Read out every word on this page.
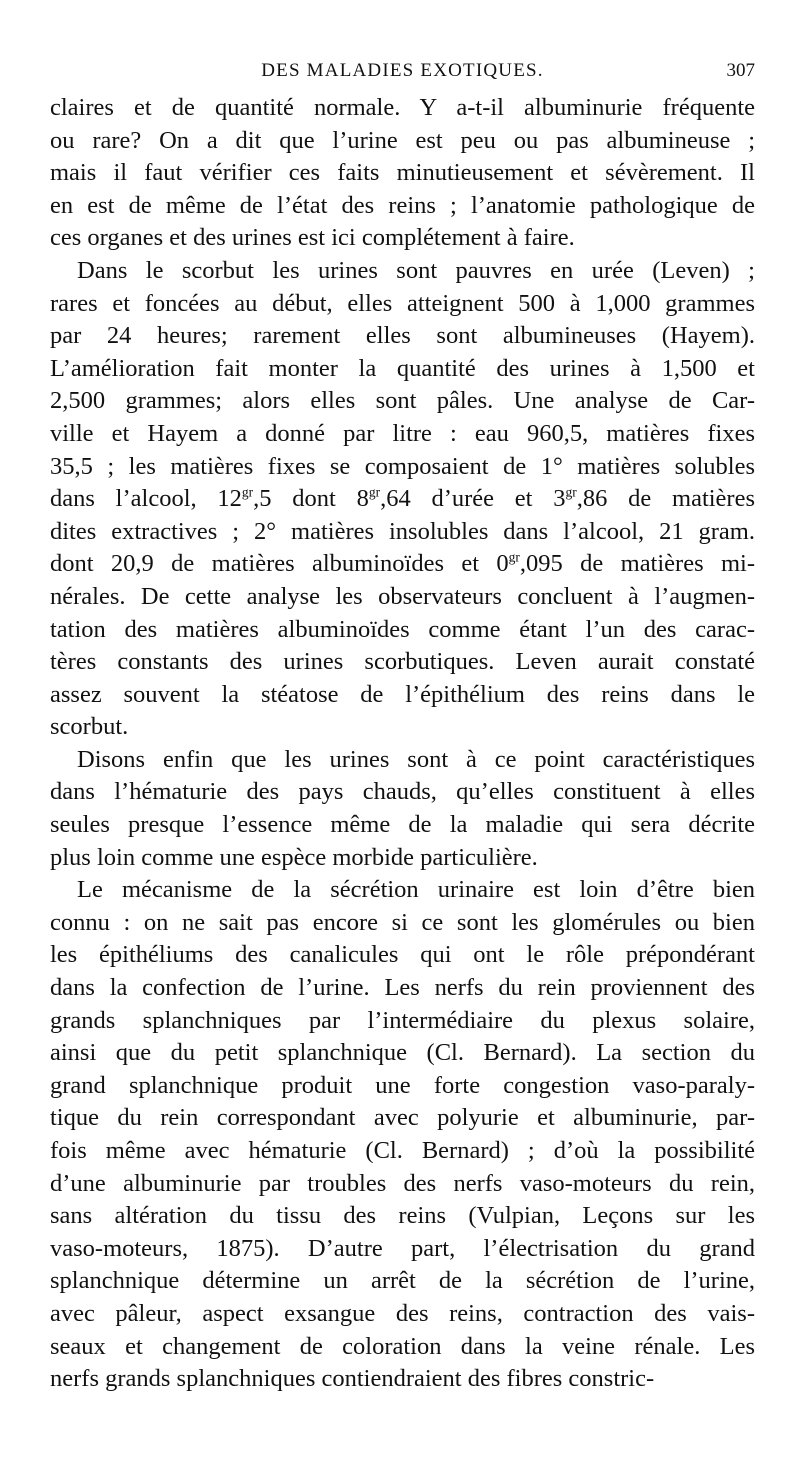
DES MALADIES EXOTIQUES.	307
claires et de quantité normale. Y a-t-il albuminurie fréquente
ou rare? On a dit que l’urine est peu ou pas albumineuse ;
mais il faut vérifier ces faits minutieusement et sévèrement. Il
en est de même de l’état des reins ; l’anatomie pathologique de
ces organes et des urines est ici complétement à faire.
Dans le scorbut les urines sont pauvres en urée (Leven) ;
rares et foncées au début, elles atteignent 500 à 1,000 grammes
par 24 heures; rarement elles sont albumineuses (Hayem).
L’amélioration fait monter la quantité des urines à 1,500 et
2,500 grammes; alors elles sont pâles. Une analyse de Car-
ville et Hayem a donné par litre : eau 960,5, matières fixes
35,5 ; les matières fixes se composaient de 1° matières solubles
dans l’alcool, $12^{gr},5$ dont $8^{gr},64$ d’urée et $3^{gr},86$ de matières
dites extractives ; 2° matières insolubles dans l’alcool, 21 gram.
dont 20,9 de matières albuminoïdes et $0^{gr},095$ de matières mi-
nérales. De cette analyse les observateurs concluent à l’augmen-
tation des matières albuminoïdes comme étant l’un des carac-
tères constants des urines scorbutiques. Leven aurait constaté
assez souvent la stéatose de l’épithélium des reins dans le
scorbut.
Disons enfin que les urines sont à ce point caractéristiques
dans l’hématurie des pays chauds, qu’elles constituent à elles
seules presque l’essence même de la maladie qui sera décrite
plus loin comme une espèce morbide particulière.
Le mécanisme de la sécrétion urinaire est loin d’être bien
connu : on ne sait pas encore si ce sont les glomérules ou bien
les épithéliums des canalicules qui ont le rôle prépondérant
dans la confection de l’urine. Les nerfs du rein proviennent des
grands splanchniques par l’intermédiaire du plexus solaire,
ainsi que du petit splanchnique (Cl. Bernard). La section du
grand splanchnique produit une forte congestion vaso-paraly-
tique du rein correspondant avec polyurie et albuminurie, par-
fois même avec hématurie (Cl. Bernard) ; d’où la possibilité
d’une albuminurie par troubles des nerfs vaso-moteurs du rein,
sans altération du tissu des reins (Vulpian, Leçons sur les
vaso-moteurs, 1875). D’autre part, l’électrisation du grand
splanchnique détermine un arrêt de la sécrétion de l’urine,
avec pâleur, aspect exsangue des reins, contraction des vais-
seaux et changement de coloration dans la veine rénale. Les
nerfs grands splanchniques contiendraient des fibres constric-
